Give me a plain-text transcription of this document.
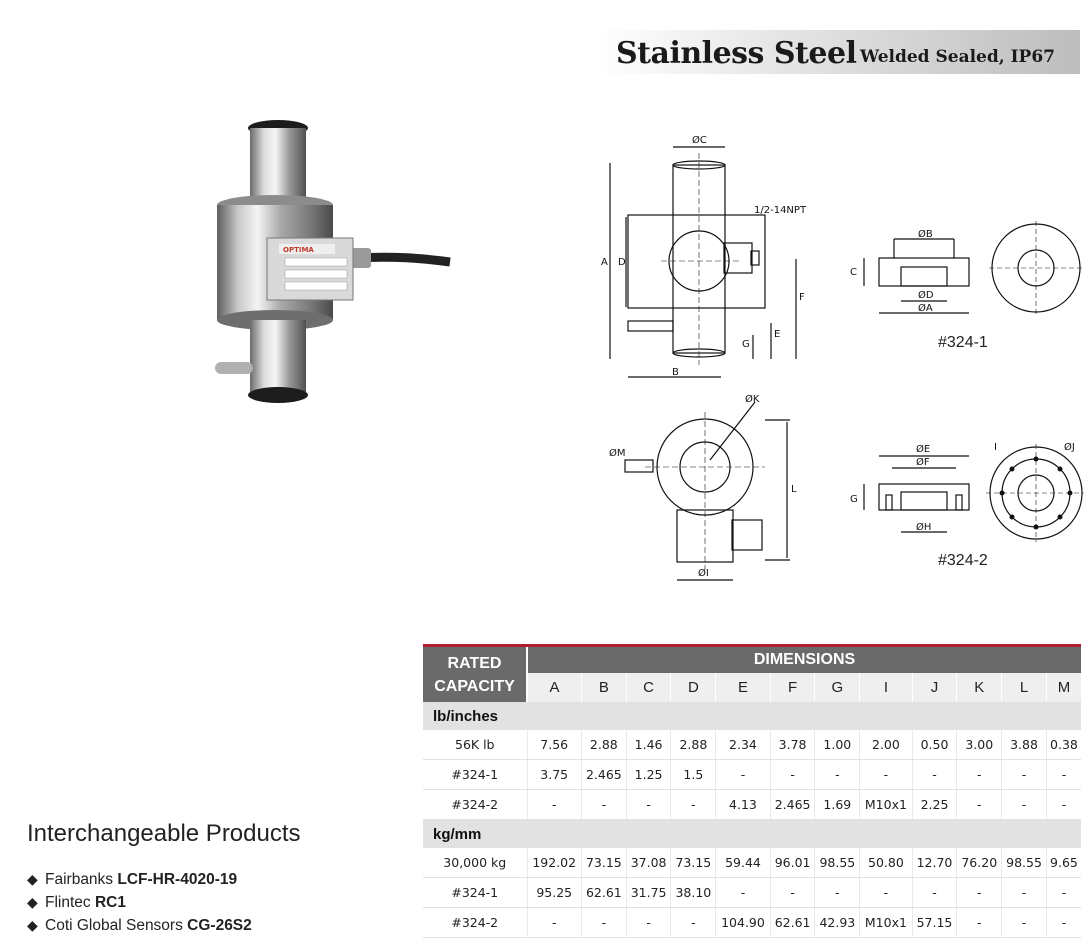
Stainless Steel Welded Sealed, IP67
OPTIMA
ØC
1/2-14NPT
A D
F
E
G
B
ØK
ØM
L
ØI
ØB
C
ØD
ØA
#324-1
ØE
ØF
G
ØH
I	ØJ
#324-2
Interchangeable Products
◆ Fairbanks LCF-HR-4020-19
◆ Flintec RC1
◆ Coti Global Sensors CG-26S2
RATED
CAPACITY	DIMENSIONS											
	A	B	C	D	E	F	G	I	J	K	L	M
lb/inches												
56K lb	7.56	2.88	1.46	2.88	2.34	3.78	1.00	2.00	0.50	3.00	3.88	0.38
#324-1	3.75	2.465	1.25	1.5	-	-	-	-	-	-	-	-
#324-2	-	-	-	-	4.13	2.465	1.69	M10x1	2.25	-	-	-
kg/mm												
30,000 kg	192.02	73.15	37.08	73.15	59.44	96.01	98.55	50.80	12.70	76.20	98.55	9.65
#324-1	95.25	62.61	31.75	38.10	-	-	-	-	-	-	-	-
#324-2	-	-	-	-	104.90	62.61	42.93	M10x1	57.15	-	-	-
